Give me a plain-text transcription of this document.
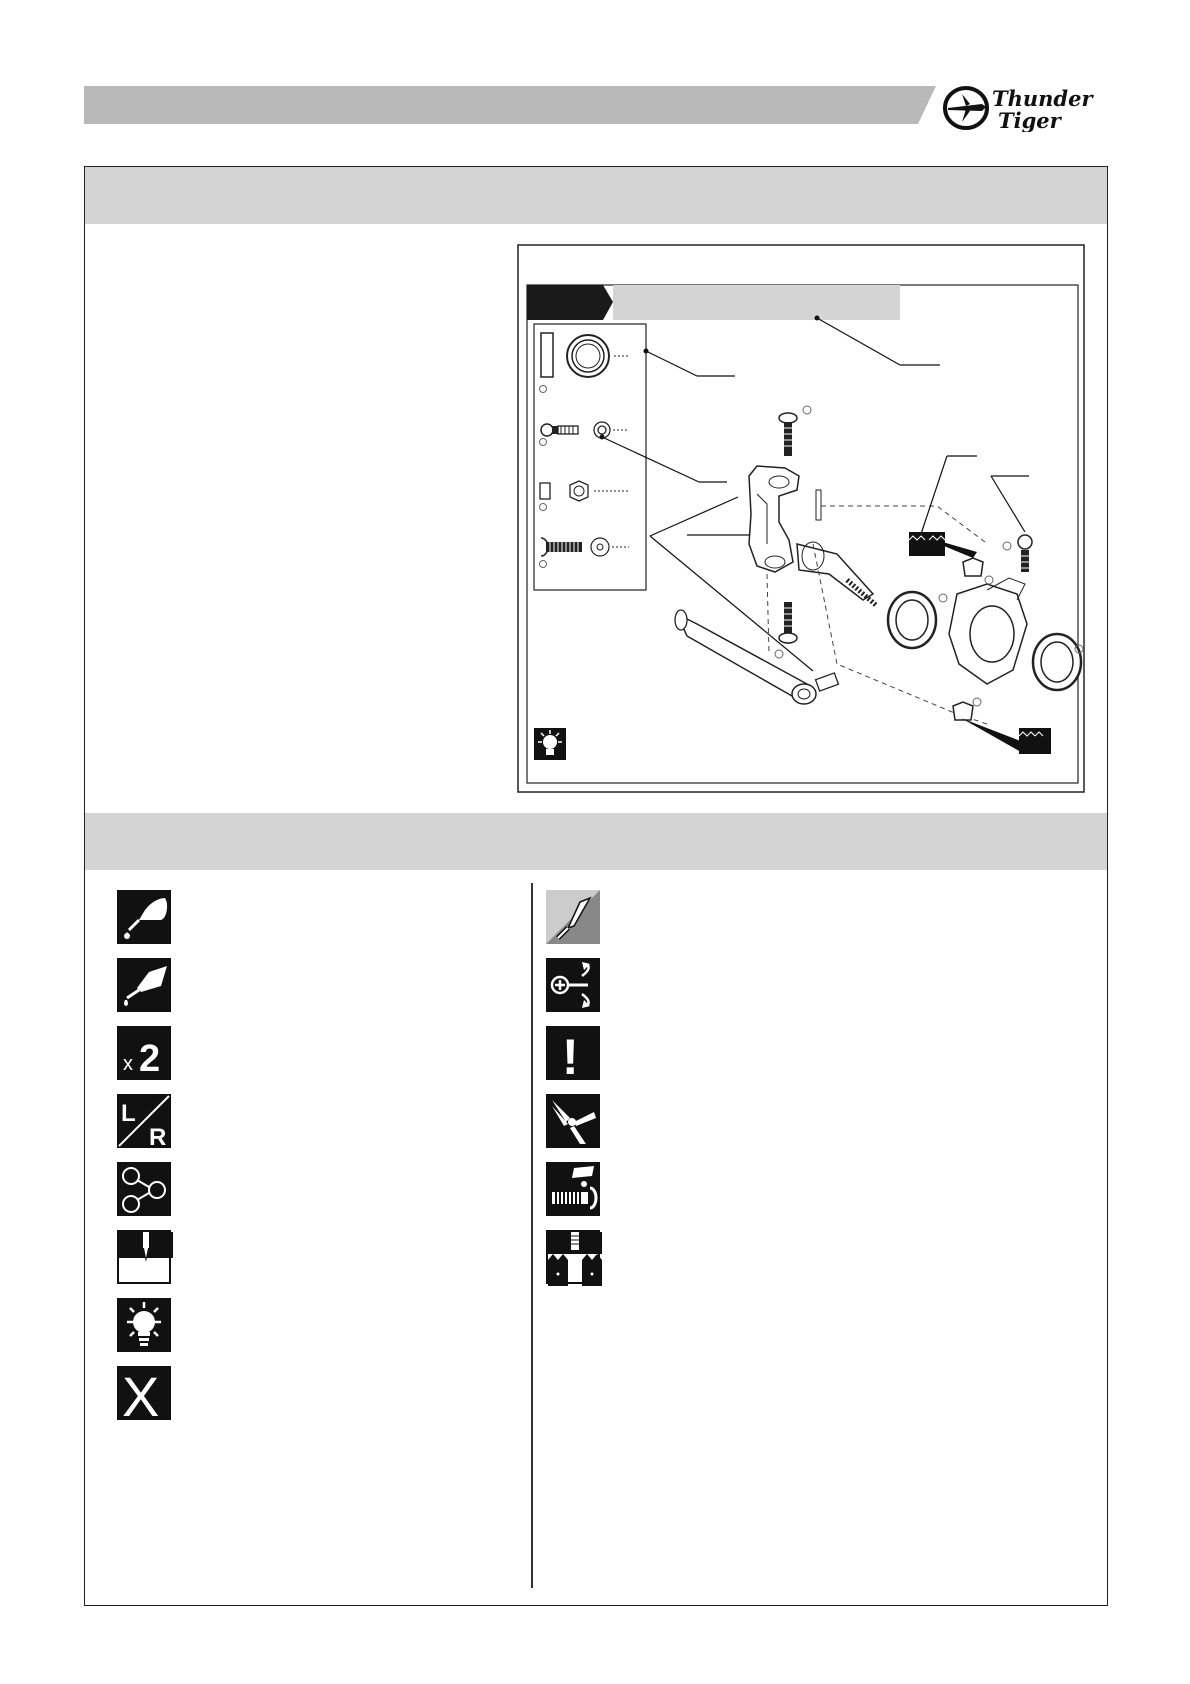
Thunder
Tiger
x 2
L
R
X
!
